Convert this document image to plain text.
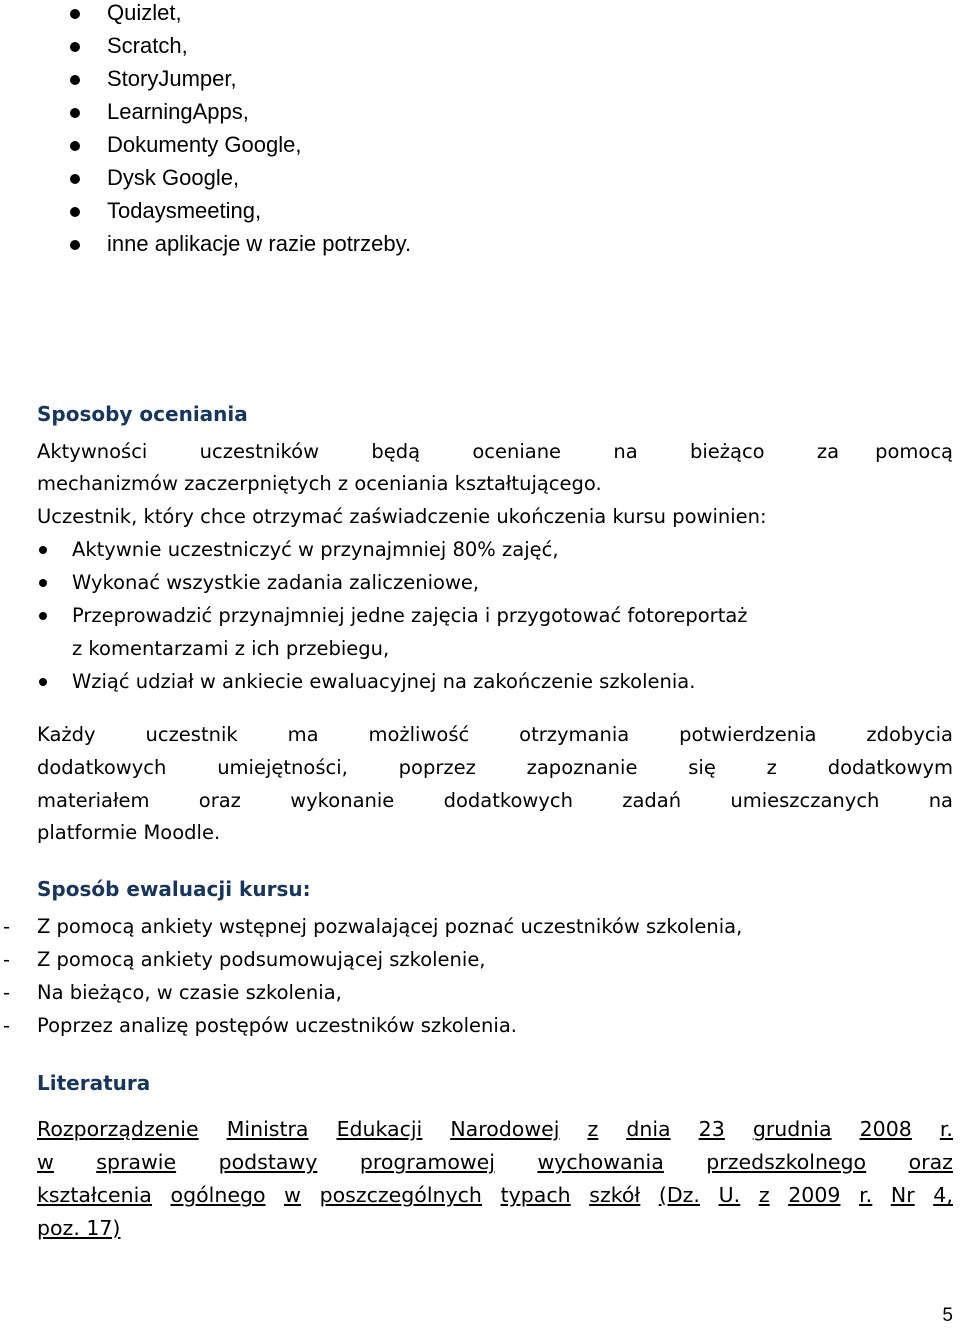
Quizlet,
Scratch,
StoryJumper,
LearningApps,
Dokumenty Google,
Dysk Google,
Todaysmeeting,
inne aplikacje w razie potrzeby.
Sposoby oceniania
Aktywności	uczestników	będą	oceniane	na	bieżąco	za pomocą
mechanizmów zaczerpniętych z oceniania kształtującego.
Uczestnik, który chce otrzymać zaświadczenie ukończenia kursu powinien:
Aktywnie uczestniczyć w przynajmniej 80% zajęć,
Wykonać wszystkie zadania zaliczeniowe,
Przeprowadzić przynajmniej jedne zajęcia i przygotować fotoreportaż
z komentarzami z ich przebiegu,
Wziąć udział w ankiecie ewaluacyjnej na zakończenie szkolenia.
Każdy	uczestnik	ma	możliwość	otrzymania	potwierdzenia	zdobycia
dodatkowych	umiejętności,	poprzez	zapoznanie	się	z	dodatkowym
materiałem	oraz	wykonanie	dodatkowych	zadań	umieszczanych	na
platformie Moodle.
Sposób ewaluacji kursu:
- Z pomocą ankiety wstępnej pozwalającej poznać uczestników szkolenia,
- Z pomocą ankiety podsumowującej szkolenie,
- Na bieżąco, w czasie szkolenia,
- Poprzez analizę postępów uczestników szkolenia.
Literatura
Rozporządzenie Ministra Edukacji Narodowej z dnia 23 grudnia 2008 r.
w sprawie podstawy programowej wychowania przedszkolnego oraz
kształcenia ogólnego w poszczególnych typach szkół (Dz. U. z 2009 r. Nr 4,
poz. 17)
5
